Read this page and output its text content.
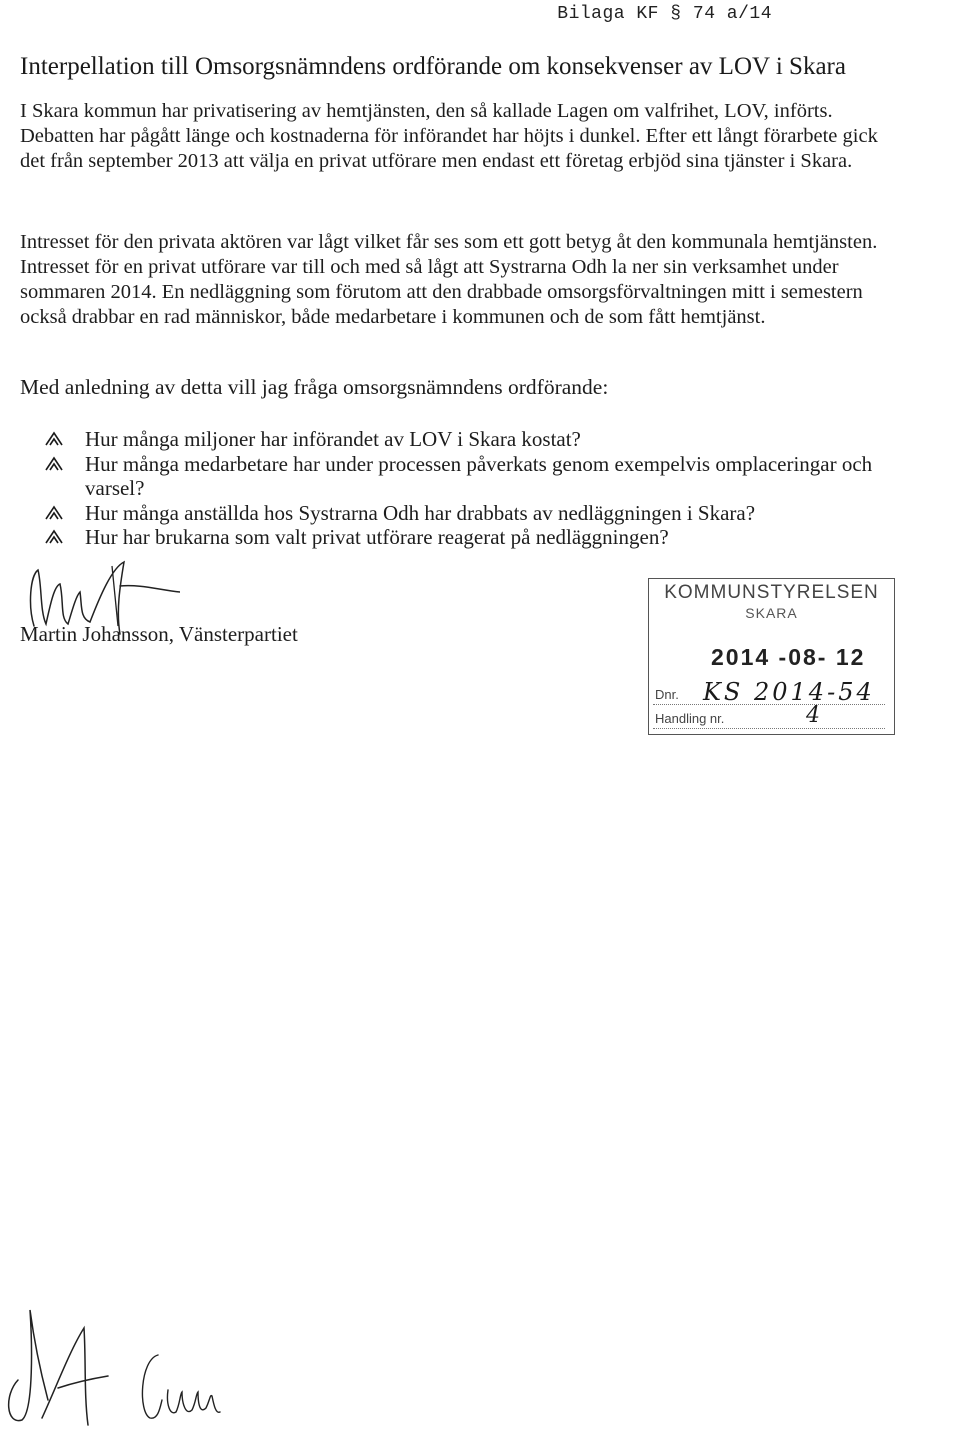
Bilaga KF § 74 a/14
Interpellation till Omsorgsnämndens ordförande om konsekvenser av LOV i Skara

I Skara kommun har privatisering av hemtjänsten, den så kallade Lagen om valfrihet, LOV, införts. Debatten har pågått länge och kostnaderna för införandet har höjts i dunkel. Efter ett långt förarbete gick det från september 2013 att välja en privat utförare men endast ett företag erbjöd sina tjänster i Skara.

Intresset för den privata aktören var lågt vilket får ses som ett gott betyg åt den kommunala hemtjänsten. Intresset för en privat utförare var till och med så lågt att Systrarna Odh la ner sin verksamhet under sommaren 2014. En nedläggning som förutom att den drabbade omsorgsförvaltningen mitt i semestern också drabbar en rad människor, både medarbetare i kommunen och de som fått hemtjänst.

Med anledning av detta vill jag fråga omsorgsnämndens ordförande:

Hur många miljoner har införandet av LOV i Skara kostat?
Hur många medarbetare har under processen påverkats genom exempelvis omplaceringar och varsel?
Hur många anställda hos Systrarna Odh har drabbats av nedläggningen i Skara?
Hur har brukarna som valt privat utförare reagerat på nedläggningen?
Martin Johansson, Vänsterpartiet
KOMMUNSTYRELSEN
SKARA
2014 -08- 12
Dnr. KS 2014-54
Handling nr.	4
